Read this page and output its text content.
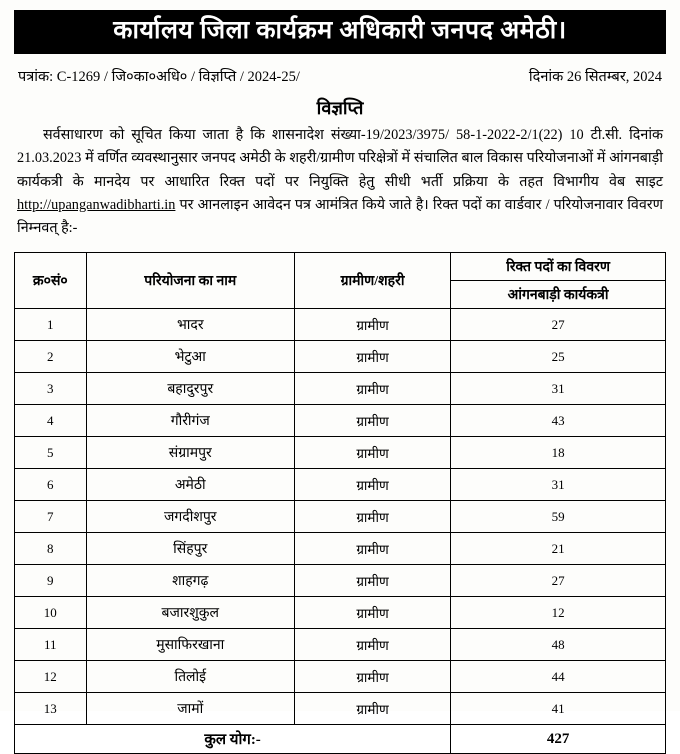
कार्यालय जिला कार्यक्रम अधिकारी जनपद अमेठी।
पत्रांक: C-1269 / जि०का०अधि० / विज्ञप्ति / 2024-25/	दिनांक 26 सितम्बर, 2024
विज्ञप्ति
सर्वसाधारण को सूचित किया जाता है कि शासनादेश संख्या-19/2023/3975/ 58-1-2022-2/1(22) 10 टी.सी. दिनांक 21.03.2023 में वर्णित व्यवस्थानुसार जनपद अमेठी के शहरी/ग्रामीण परिक्षेत्रों में संचालित बाल विकास परियोजनाओं में आंगनबाड़ी कार्यकत्री के मानदेय पर आधारित रिक्त पदों पर नियुक्ति हेतु सीधी भर्ती प्रक्रिया के तहत विभागीय वेब साइट http://upanganwadibharti.in पर आनलाइन आवेदन पत्र आमंत्रित किये जाते है। रिक्त पदों का वार्डवार / परियोजनावार विवरण निम्नवत् है:-
क्र०सं०	परियोजना का नाम	ग्रामीण/शहरी	रिक्त पदों का विवरण
			आंगनबाड़ी कार्यकत्री
1	भादर	ग्रामीण	27
2	भेटुआ	ग्रामीण	25
3	बहादुरपुर	ग्रामीण	31
4	गौरीगंज	ग्रामीण	43
5	संग्रामपुर	ग्रामीण	18
6	अमेठी	ग्रामीण	31
7	जगदीशपुर	ग्रामीण	59
8	सिंहपुर	ग्रामीण	21
9	शाहगढ़	ग्रामीण	27
10	बजारशुकुल	ग्रामीण	12
11	मुसाफिरखाना	ग्रामीण	48
12	तिलोई	ग्रामीण	44
13	जामों	ग्रामीण	41
कुल योग:-			427
